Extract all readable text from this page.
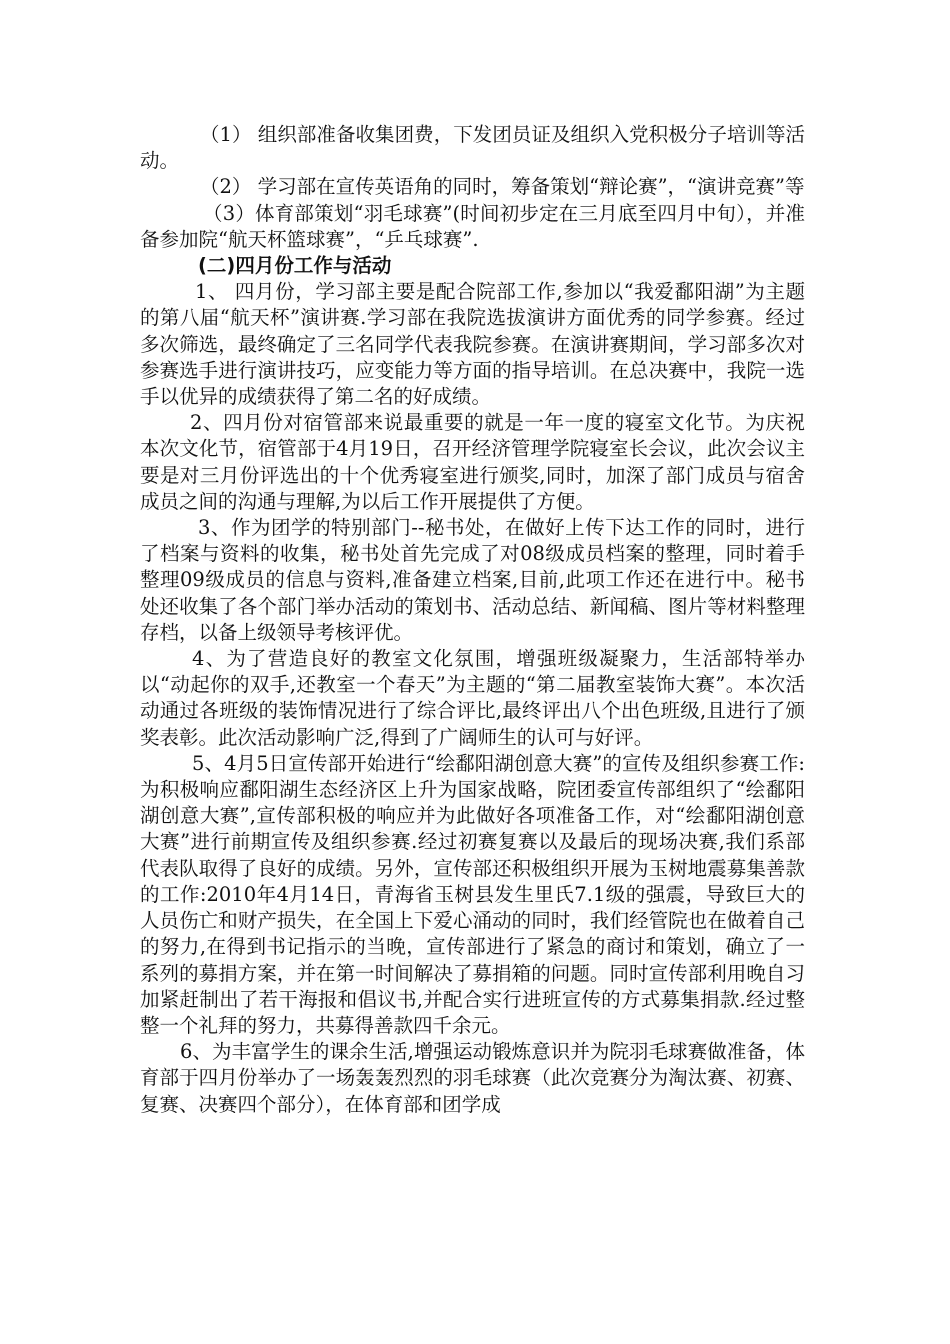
（1） 组织部准备收集团费，下发团员证及组织入党积极分子培训等活动。

（2） 学习部在宣传英语角的同时，筹备策划“辩论赛”，“演讲竞赛”等

（3）体育部策划“羽毛球赛”(时间初步定在三月底至四月中旬），并准备参加院“航天杯篮球赛”，“乒乓球赛”.

(二)四月份工作与活动

1、 四月份，学习部主要是配合院部工作,参加以“我爱鄱阳湖”为主题的第八届“航天杯”演讲赛.学习部在我院选拔演讲方面优秀的同学参赛。经过多次筛选，最终确定了三名同学代表我院参赛。在演讲赛期间，学习部多次对参赛选手进行演讲技巧，应变能力等方面的指导培训。在总决赛中，我院一选手以优异的成绩获得了第二名的好成绩。

2、四月份对宿管部来说最重要的就是一年一度的寝室文化节。为庆祝本次文化节，宿管部于4月19日，召开经济管理学院寝室长会议，此次会议主要是对三月份评选出的十个优秀寝室进行颁奖,同时，加深了部门成员与宿舍成员之间的沟通与理解,为以后工作开展提供了方便。

3、作为团学的特别部门--秘书处，在做好上传下达工作的同时，进行了档案与资料的收集，秘书处首先完成了对08级成员档案的整理，同时着手整理09级成员的信息与资料,准备建立档案,目前,此项工作还在进行中。秘书处还收集了各个部门举办活动的策划书、活动总结、新闻稿、图片等材料整理存档，以备上级领导考核评优。

4、为了营造良好的教室文化氛围，增强班级凝聚力，生活部特举办以“动起你的双手,还教室一个春天”为主题的“第二届教室装饰大赛”。本次活动通过各班级的装饰情况进行了综合评比,最终评出八个出色班级,且进行了颁奖表彰。此次活动影响广泛,得到了广阔师生的认可与好评。

5、4月5日宣传部开始进行“绘鄱阳湖创意大赛”的宣传及组织参赛工作:为积极响应鄱阳湖生态经济区上升为国家战略，院团委宣传部组织了“绘鄱阳湖创意大赛”,宣传部积极的响应并为此做好各项准备工作，对“绘鄱阳湖创意大赛”进行前期宣传及组织参赛.经过初赛复赛以及最后的现场决赛,我们系部代表队取得了良好的成绩。另外，宣传部还积极组织开展为玉树地震募集善款的工作:2010年4月14日，青海省玉树县发生里氏7.1级的强震，导致巨大的人员伤亡和财产损失，在全国上下爱心涌动的同时，我们经管院也在做着自己的努力,在得到书记指示的当晚，宣传部进行了紧急的商讨和策划，确立了一系列的募捐方案，并在第一时间解决了募捐箱的问题。同时宣传部利用晚自习加紧赶制出了若干海报和倡议书,并配合实行进班宣传的方式募集捐款.经过整整一个礼拜的努力，共募得善款四千余元。

6、为丰富学生的课余生活,增强运动锻炼意识并为院羽毛球赛做准备，体育部于四月份举办了一场轰轰烈烈的羽毛球赛（此次竞赛分为淘汰赛、初赛、复赛、决赛四个部分），在体育部和团学成
